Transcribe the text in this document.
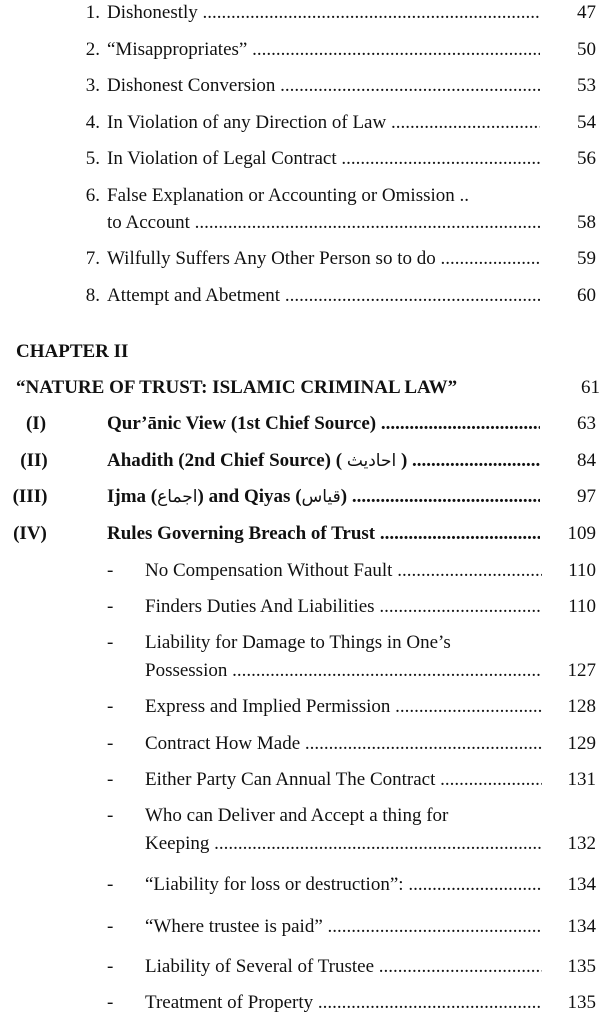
1. Dishonestly .....	47
2. “Misappropriates” .....	50
3. Dishonest Conversion .....	53
4. In Violation of any Direction of Law .....	54
5. In Violation of Legal Contract .....	56
6. False Explanation or Accounting or Omission ..
to Account .....	58
7. Wilfully Suffers Any Other Person so to do .....	59
8. Attempt and Abetment .....	60
CHAPTER II
“NATURE OF TRUST: ISLAMIC CRIMINAL LAW”	61
(I)	Qur’ānic View (1st Chief Source) .....	63
(II)	Ahadith (2nd Chief Source) ( احادیث ) .....	84
(III)	Ijma (اجماع) and Qiyas (قیاس) .....	97
(IV)	Rules Governing Breach of Trust .....	109
- No Compensation Without Fault .....	110
- Finders Duties And Liabilities .....	110
- Liability for Damage to Things in One’s
Possession .....	127
- Express and Implied Permission .....	128
- Contract How Made .....	129
- Either Party Can Annual The Contract .....	131
- Who can Deliver and Accept a thing for
Keeping .....	132
- “Liability for loss or destruction”: .....	134
- “Where trustee is paid” .....	134
- Liability of Several of Trustee .....	135
- Treatment of Property .....	135
